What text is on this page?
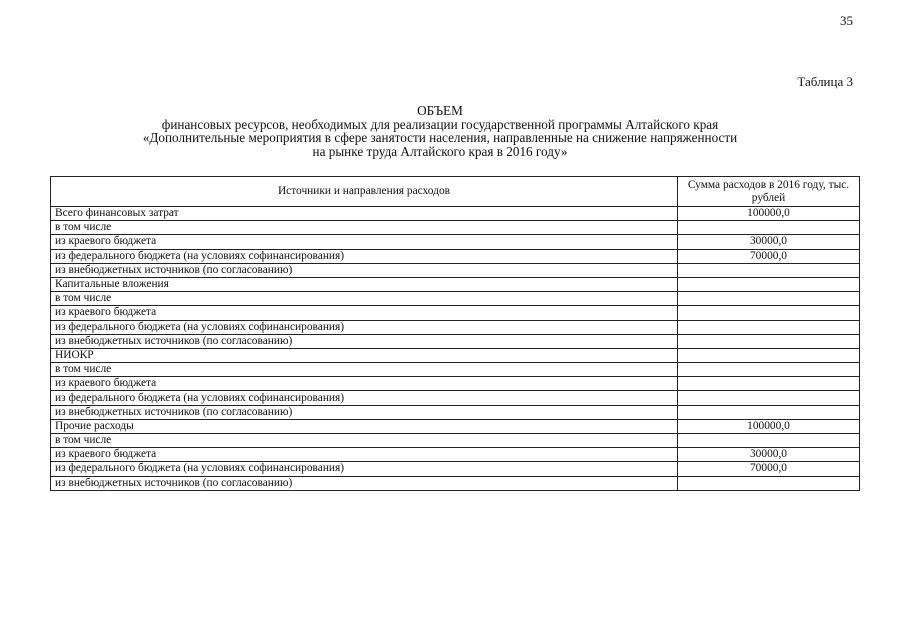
35
Таблица 3
ОБЪЕМ
финансовых ресурсов, необходимых для реализации государственной программы Алтайского края
«Дополнительные мероприятия в сфере занятости населения, направленные на снижение напряженности
на рынке труда Алтайского края в 2016 году»
Источники и направления расходов	Сумма расходов в 2016 году, тыс. рублей
Всего финансовых затрат	100000,0
в том числе	
из краевого бюджета	30000,0
из федерального бюджета (на условиях софинансирования)	70000,0
из внебюджетных источников (по согласованию)	
Капитальные вложения	
в том числе	
из краевого бюджета	
из федерального бюджета (на условиях софинансирования)	
из внебюджетных источников (по согласованию)	
НИОКР	
в том числе	
из краевого бюджета	
из федерального бюджета (на условиях софинансирования)	
из внебюджетных источников (по согласованию)	
Прочие расходы	100000,0
в том числе	
из краевого бюджета	30000,0
из федерального бюджета (на условиях софинансирования)	70000,0
из внебюджетных источников (по согласованию)	
